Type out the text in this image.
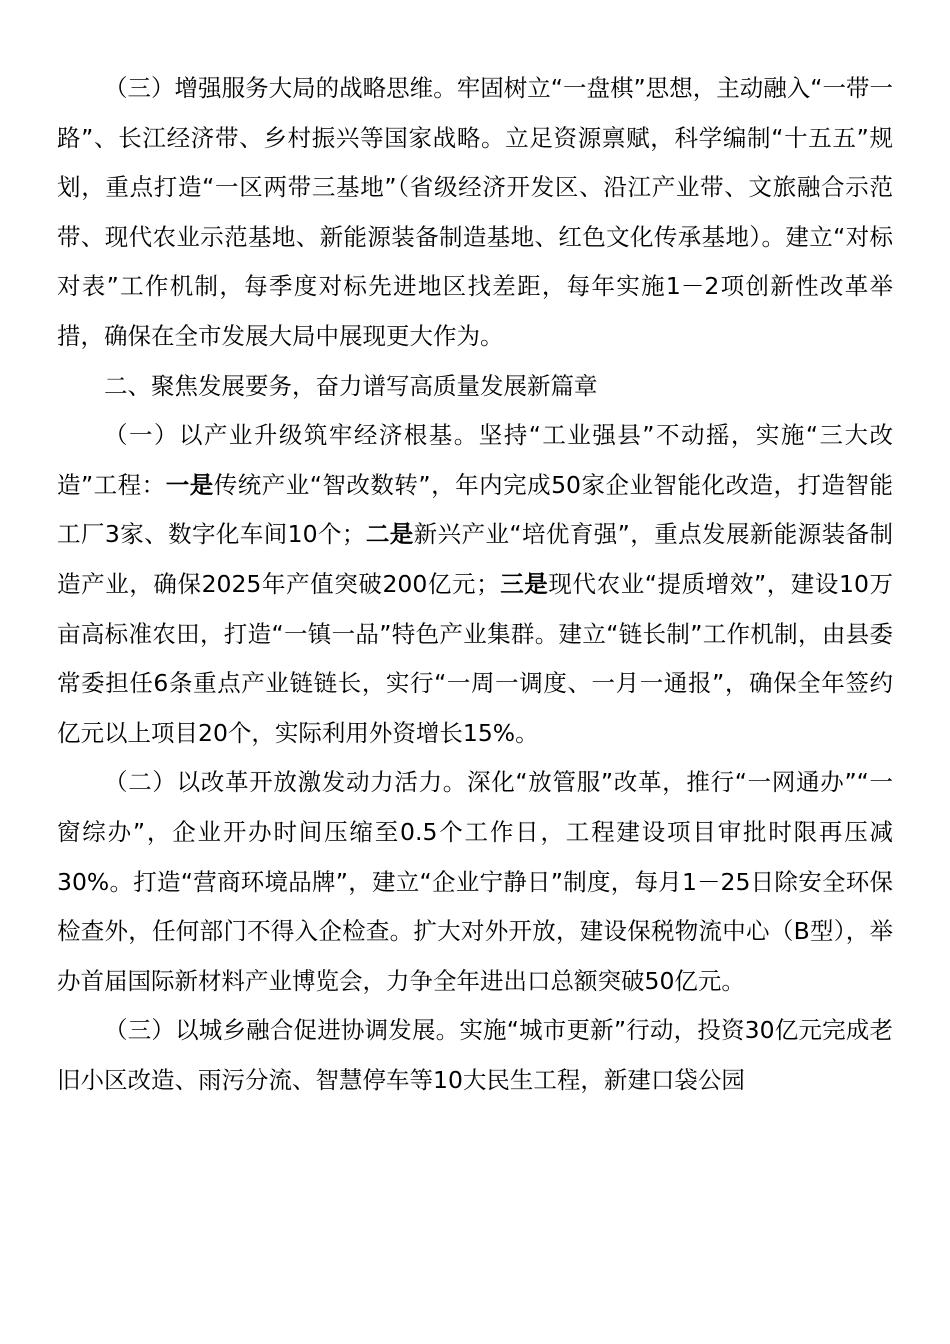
（三）增强服务大局的战略思维。牢固树立“一盘棋”思想，主动融入“一带一路”、长江经济带、乡村振兴等国家战略。立足资源禀赋，科学编制“十五五”规划，重点打造“一区两带三基地”（省级经济开发区、沿江产业带、文旅融合示范带、现代农业示范基地、新能源装备制造基地、红色文化传承基地）。建立“对标对表”工作机制，每季度对标先进地区找差距，每年实施1－2项创新性改革举措，确保在全市发展大局中展现更大作为。

二、聚焦发展要务，奋力谱写高质量发展新篇章

（一）以产业升级筑牢经济根基。坚持“工业强县”不动摇，实施“三大改造”工程：一是传统产业“智改数转”，年内完成50家企业智能化改造，打造智能工厂3家、数字化车间10个；二是新兴产业“培优育强”，重点发展新能源装备制造产业，确保2025年产值突破200亿元；三是现代农业“提质增效”，建设10万亩高标准农田，打造“一镇一品”特色产业集群。建立“链长制”工作机制，由县委常委担任6条重点产业链链长，实行“一周一调度、一月一通报”，确保全年签约亿元以上项目20个，实际利用外资增长15%。

（二）以改革开放激发动力活力。深化“放管服”改革，推行“一网通办”“一窗综办”，企业开办时间压缩至0.5个工作日，工程建设项目审批时限再压减30%。打造“营商环境品牌”，建立“企业宁静日”制度，每月1－25日除安全环保检查外，任何部门不得入企检查。扩大对外开放，建设保税物流中心（B型），举办首届国际新材料产业博览会，力争全年进出口总额突破50亿元。

（三）以城乡融合促进协调发展。实施“城市更新”行动，投资30亿元完成老旧小区改造、雨污分流、智慧停车等10大民生工程，新建口袋公园
